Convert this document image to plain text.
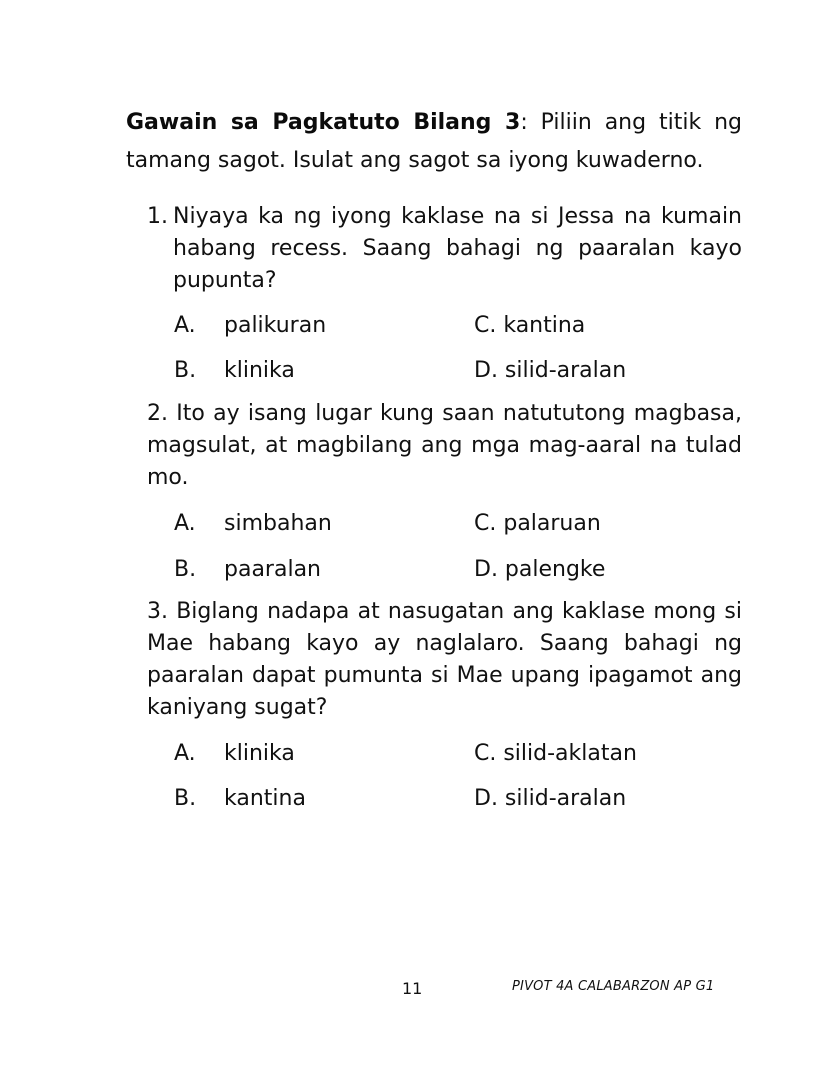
Gawain sa Pagkatuto Bilang 3: Piliin ang titik ng tamang sagot. Isulat ang sagot sa iyong kuwaderno.
1. Niyaya ka ng iyong kaklase na si Jessa na kumain habang recess. Saang bahagi ng paaralan kayo pupunta?
A. palikuran
B. klinika
C. kantina
D. silid-aralan
2. Ito ay isang lugar kung saan natututong magbasa, magsulat, at magbilang ang mga mag-aaral na tulad mo.
A. simbahan
B. paaralan
C. palaruan
D. palengke
3. Biglang nadapa at nasugatan ang kaklase mong si Mae habang kayo ay naglalaro. Saang bahagi ng paaralan dapat pumunta si Mae upang ipagamot ang kaniyang sugat?
A. klinika
B. kantina
C. silid-aklatan
D. silid-aralan
11	PIVOT 4A CALABARZON AP G1
